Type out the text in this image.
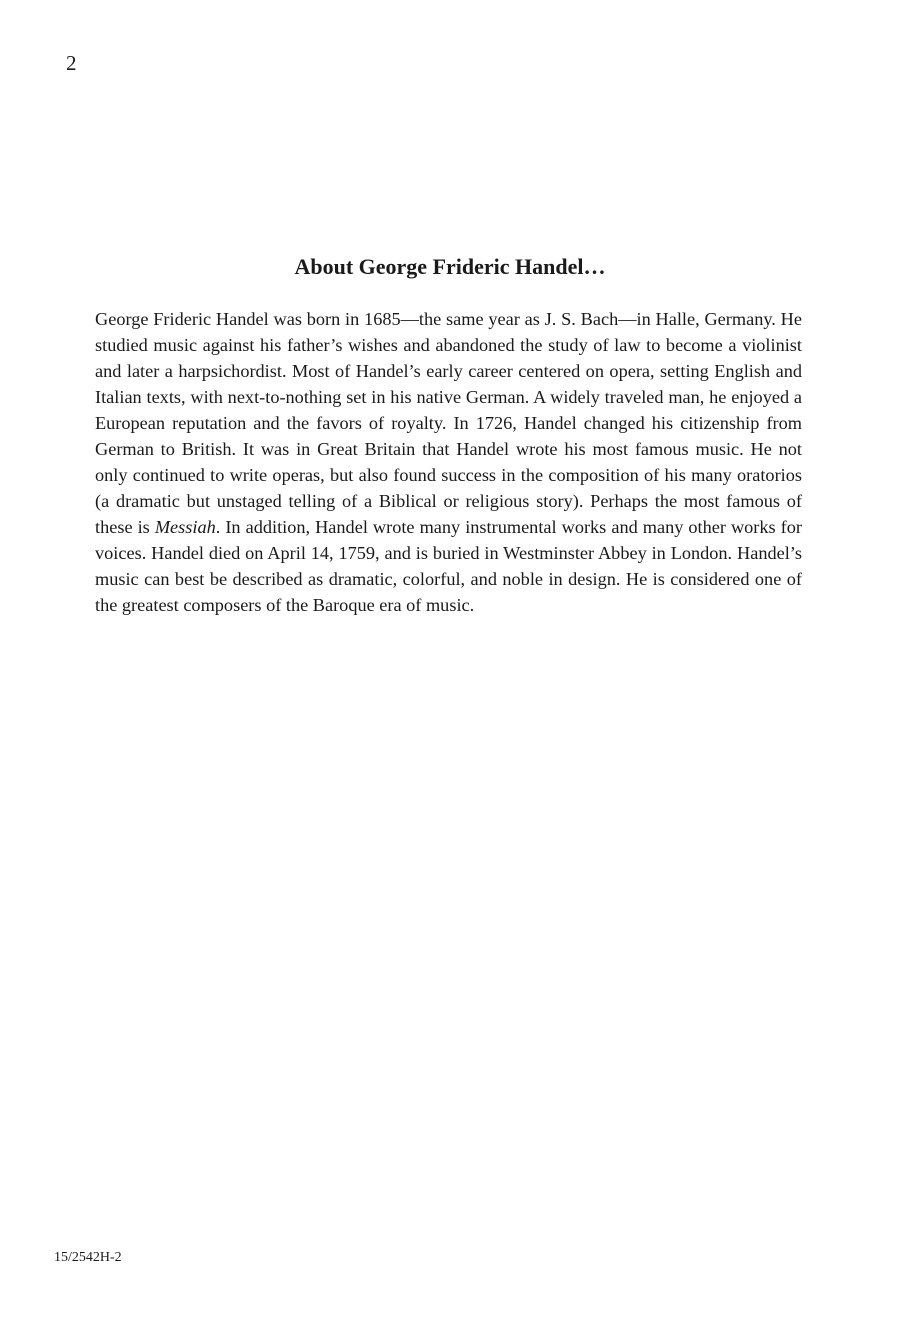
2
About George Frideric Handel…

George Frideric Handel was born in 1685—the same year as J. S. Bach—in Halle, Germany. He studied music against his father’s wishes and abandoned the study of law to become a violinist and later a harpsichordist. Most of Handel’s early career centered on opera, setting English and Italian texts, with next-to-nothing set in his native German. A widely traveled man, he enjoyed a European reputation and the favors of royalty. In 1726, Handel changed his citizenship from German to British. It was in Great Britain that Handel wrote his most famous music. He not only continued to write operas, but also found success in the composition of his many oratorios (a dramatic but unstaged telling of a Biblical or religious story). Perhaps the most famous of these is Messiah. In addition, Handel wrote many instrumental works and many other works for voices. Handel died on April 14, 1759, and is buried in Westminster Abbey in London. Handel’s music can best be described as dramatic, colorful, and noble in design. He is considered one of the greatest composers of the Baroque era of music.

15/2542H-2
